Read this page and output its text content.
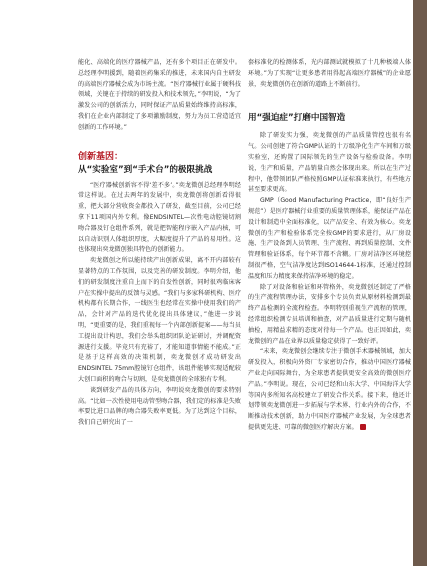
能化、高端化的医疗器械产品，还有多个项目正在研发中。总经理李明援到，随着医药集采的推进，未来国内自主研发的高端医疗器械会成为市场主流。“医疗器械行业属于硬科技领域，关键在于持续的研发投入和技术领先，”李明说，“为了激发公司的创新活力，同时保证产品质量始终维持高标准，我们在企业内部制定了多项激励制度，努力为员工营造适宜创新的工作环境。”

创新基因：
从“实验室”到“手术台”的极限挑战

“医疗器械创新容不得‘差不多’。”奕龙微创总经理李明经常这样说。在过去两年的发展中，奕龙微创将创新看得很重，把大部分营收资金都投入了研发，截至目前，公司已经拿下11项国内外专利。像ENDSINTEL—次性电动腔镜切割吻合器及钉仓组件系列，就是把智能程序嵌入产品内核，可以自动识别人体组织厚度，大幅度提升了产品的易用性。这也体现出奕龙微创独具特色的创新能力。

奕龙微创之所以能持续产出创新成果，离不开内部较有显著特点的工作氛围，以及完善的研发制度。李明介绍，他们的研发制度注重自上而下的自发性创新，同时很鸡临床客户在实操中提出的反馈与灵感。“我们与多家科研机构、医疗机构都有长期合作，一线医生也经常在实操中使用我们的产品，会针对产品的迭代优化提出具体建议，”他进一步说明，“更重要的是，我们重视每一个内部创新提案——每当员工提出设计构思，我们会举头组织团队论证研讨，并调配资源进行支援。毕竟只有充裕了，才能知道事情能不能成。”正是基于这样高效的决策机制，奕龙微创才成功研发出ENDSINTEL 75mm腔镜钉仓组件，该组件能够实现适配较大创口面积的吻合与切割，是奕龙微创的全球独有专利。

谈到研发产品的具体方向，李明说奕龙微创的要求特别高。“比如一次性使用电动管型吻合器，我们定的标准是失败率要比进口品牌的吻合器失败率更低。为了达到这个目标，我们自己研究出了一

套标准化的检测体系，光内部测试就模拟了十几种极端人体环境。”为了实现“让更多患者用得起高端医疗器械”的企业愿景，奕龙微创仍在创新的道路上不断前行。

用“强迫症”打磨中国智造

除了研发实力强，奕龙微创的产品质量管控也很有名气。公司创建了符合GMP认证的十万级净化生产车间和万级实验室，还购置了国际领先的生产设备与检验设备。李明说，生产和质量，产品销量自然会体现出来。所以在生产过程中，他带领团队严格按照GMP认证标准来执行，有些地方甚至要求更高。

GMP（Good Manufacturing Practice，即“良好生产规范”）是医疗器械行业重要的质量管理体系，能保证产品在设计和制造中全面标准化，以产品安全、有效为核心。奕龙微创的生产和检验体系完全按GMP的要求进行，从厂房设施、生产设备到人员管理、生产流程、再到质量控制、文件管理和验证体系，每个环节都不含糊。厂房对洁净区环境控制很严格，空气洁净度达到ISO14644-1标准，还通过控制温度和压力精度来保持洁净环境的稳定。

除了对设备和验证和环管格外，奕龙微创还制定了严格的生产流程管理办法，安排多个专员负责从原材料检测到最终产品检测的全流程检查。李明特别重视生产流程的管理，经常组织检测专员培训和抽查，对产品质量进行定期与随机抽检，用精益求精的态度对待每一个产品。也正因如此，奕龙微创的产品在业界以质量稳定获得了一致好评。

“未来，奕龙微创会继续专注于微创手术器械领域，加大研发投入，积极向外资厂专家密切合作，推动中国医疗器械产业走向国际舞台，为全球患者提供更安全高效的微创医疗产品。”李明说。现在，公司已经和山东大学、中国海洋大学等国内多所知名高校建立了研发合作关系。接下来，他还计划带领奕龙微创进一步拓展与学术界、行业内外的合作，不断推动技术创新，助力中国医疗器械产业发展，为全球患者提供更先进、可靠的微创医疗解决方案。
